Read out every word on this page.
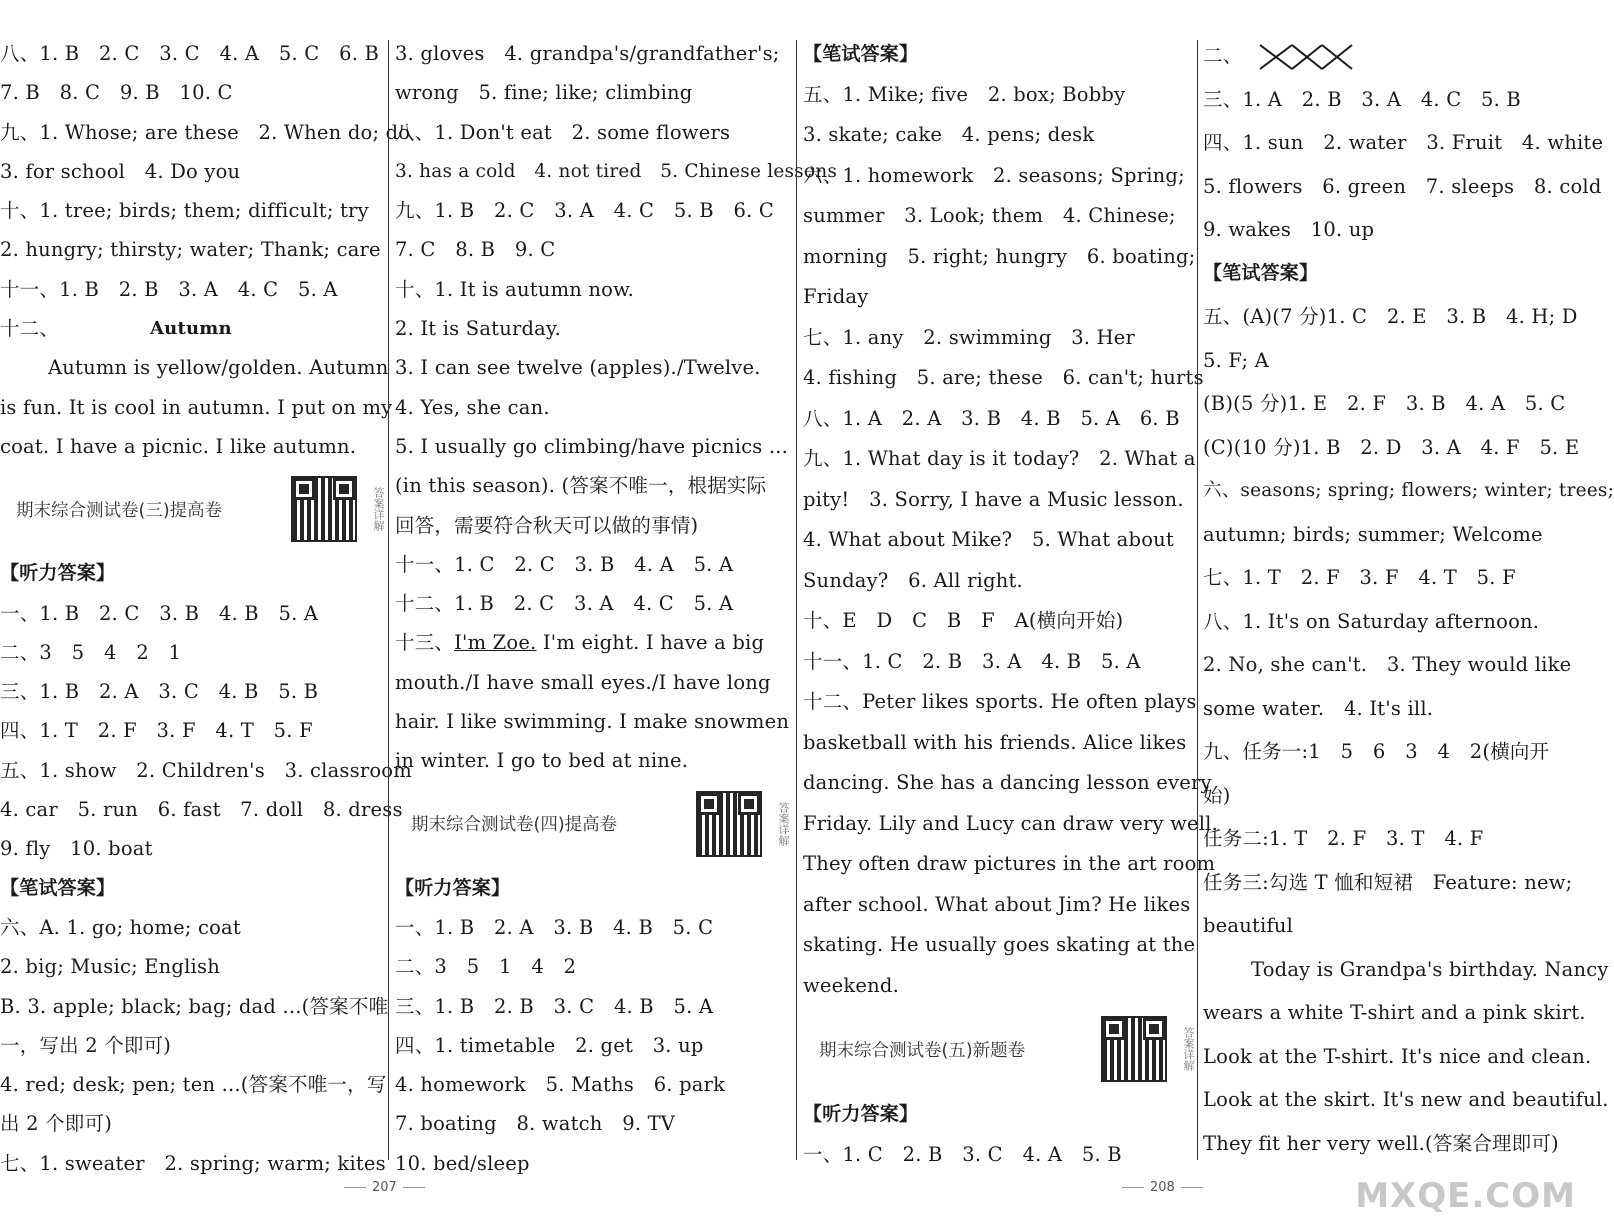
八、1. B　2. C　3. C　4. A　5. C　6. B
7. B　8. C　9. B　10. C
九、1. Whose; are these　2. When do; do
3. for school　4. Do you
十、1. tree; birds; them; difficult; try
2. hungry; thirsty; water; Thank; care
十一、1. B　2. B　3. A　4. C　5. A
十二、	Autumn
Autumn is yellow/golden. Autumn
is fun. It is cool in autumn. I put on my
coat. I have a picnic. I like autumn.
期末综合测试卷(三)提高卷	答案详解
【听力答案】
一、1. B　2. C　3. B　4. B　5. A
二、3　5　4　2　1
三、1. B　2. A　3. C　4. B　5. B
四、1. T　2. F　3. F　4. T　5. F
五、1. show　2. Children's　3. classroom
4. car　5. run　6. fast　7. doll　8. dress
9. fly　10. boat
【笔试答案】
六、A. 1. go; home; coat
2. big; Music; English
B. 3. apple; black; bag; dad ...(答案不唯
一，写出 2 个即可)
4. red; desk; pen; ten ...(答案不唯一，写
出 2 个即可)
七、1. sweater　2. spring; warm; kites
3. gloves　4. grandpa's/grandfather's;
wrong　5. fine; like; climbing
八、1. Don't eat　2. some flowers
3. has a cold　4. not tired　5. Chinese lessons
九、1. B　2. C　3. A　4. C　5. B　6. C
7. C　8. B　9. C
十、1. It is autumn now.
2. It is Saturday.
3. I can see twelve (apples)./Twelve.
4. Yes, she can.
5. I usually go climbing/have picnics ...
(in this season). (答案不唯一，根据实际
回答，需要符合秋天可以做的事情)
十一、1. C　2. C　3. B　4. A　5. A
十二、1. B　2. C　3. A　4. C　5. A
十三、I'm Zoe. I'm eight. I have a big
mouth./I have small eyes./I have long
hair. I like swimming. I make snowmen
in winter. I go to bed at nine.
期末综合测试卷(四)提高卷	答案详解
【听力答案】
一、1. B　2. A　3. B　4. B　5. C
二、3　5　1　4　2
三、1. B　2. B　3. C　4. B　5. A
四、1. timetable　2. get　3. up
4. homework　5. Maths　6. park
7. boating　8. watch　9. TV
10. bed/sleep
【笔试答案】
五、1. Mike; five　2. box; Bobby
3. skate; cake　4. pens; desk
六、1. homework　2. seasons; Spring;
summer　3. Look; them　4. Chinese;
morning　5. right; hungry　6. boating;
Friday
七、1. any　2. swimming　3. Her
4. fishing　5. are; these　6. can't; hurts
八、1. A　2. A　3. B　4. B　5. A　6. B
九、1. What day is it today?　2. What a
pity!　3. Sorry, I have a Music lesson.
4. What about Mike?　5. What about
Sunday?　6. All right.
十、E　D　C　B　F　A(横向开始)
十一、1. C　2. B　3. A　4. B　5. A
十二、Peter likes sports. He often plays
basketball with his friends. Alice likes
dancing. She has a dancing lesson every
Friday. Lily and Lucy can draw very well.
They often draw pictures in the art room
after school. What about Jim? He likes
skating. He usually goes skating at the
weekend.
期末综合测试卷(五)新题卷	答案详解
【听力答案】
一、1. C　2. B　3. C　4. A　5. B
二、
三、1. A　2. B　3. A　4. C　5. B
四、1. sun　2. water　3. Fruit　4. white
5. flowers　6. green　7. sleeps　8. cold
9. wakes　10. up
【笔试答案】
五、(A)(7 分)1. C　2. E　3. B　4. H; D
5. F; A
(B)(5 分)1. E　2. F　3. B　4. A　5. C
(C)(10 分)1. B　2. D　3. A　4. F　5. E
六、seasons; spring; flowers; winter; trees;
autumn; birds; summer; Welcome
七、1. T　2. F　3. F　4. T　5. F
八、1. It's on Saturday afternoon.
2. No, she can't.　3. They would like
some water.　4. It's ill.
九、任务一:1　5　6　3　4　2(横向开
始)
任务二:1. T　2. F　3. T　4. F
任务三:勾选 T 恤和短裙　Feature: new;
beautiful
Today is Grandpa's birthday. Nancy
wears a white T-shirt and a pink skirt.
Look at the T-shirt. It's nice and clean.
Look at the skirt. It's new and beautiful.
They fit her very well.(答案合理即可)
207	208	MXQE.COM
